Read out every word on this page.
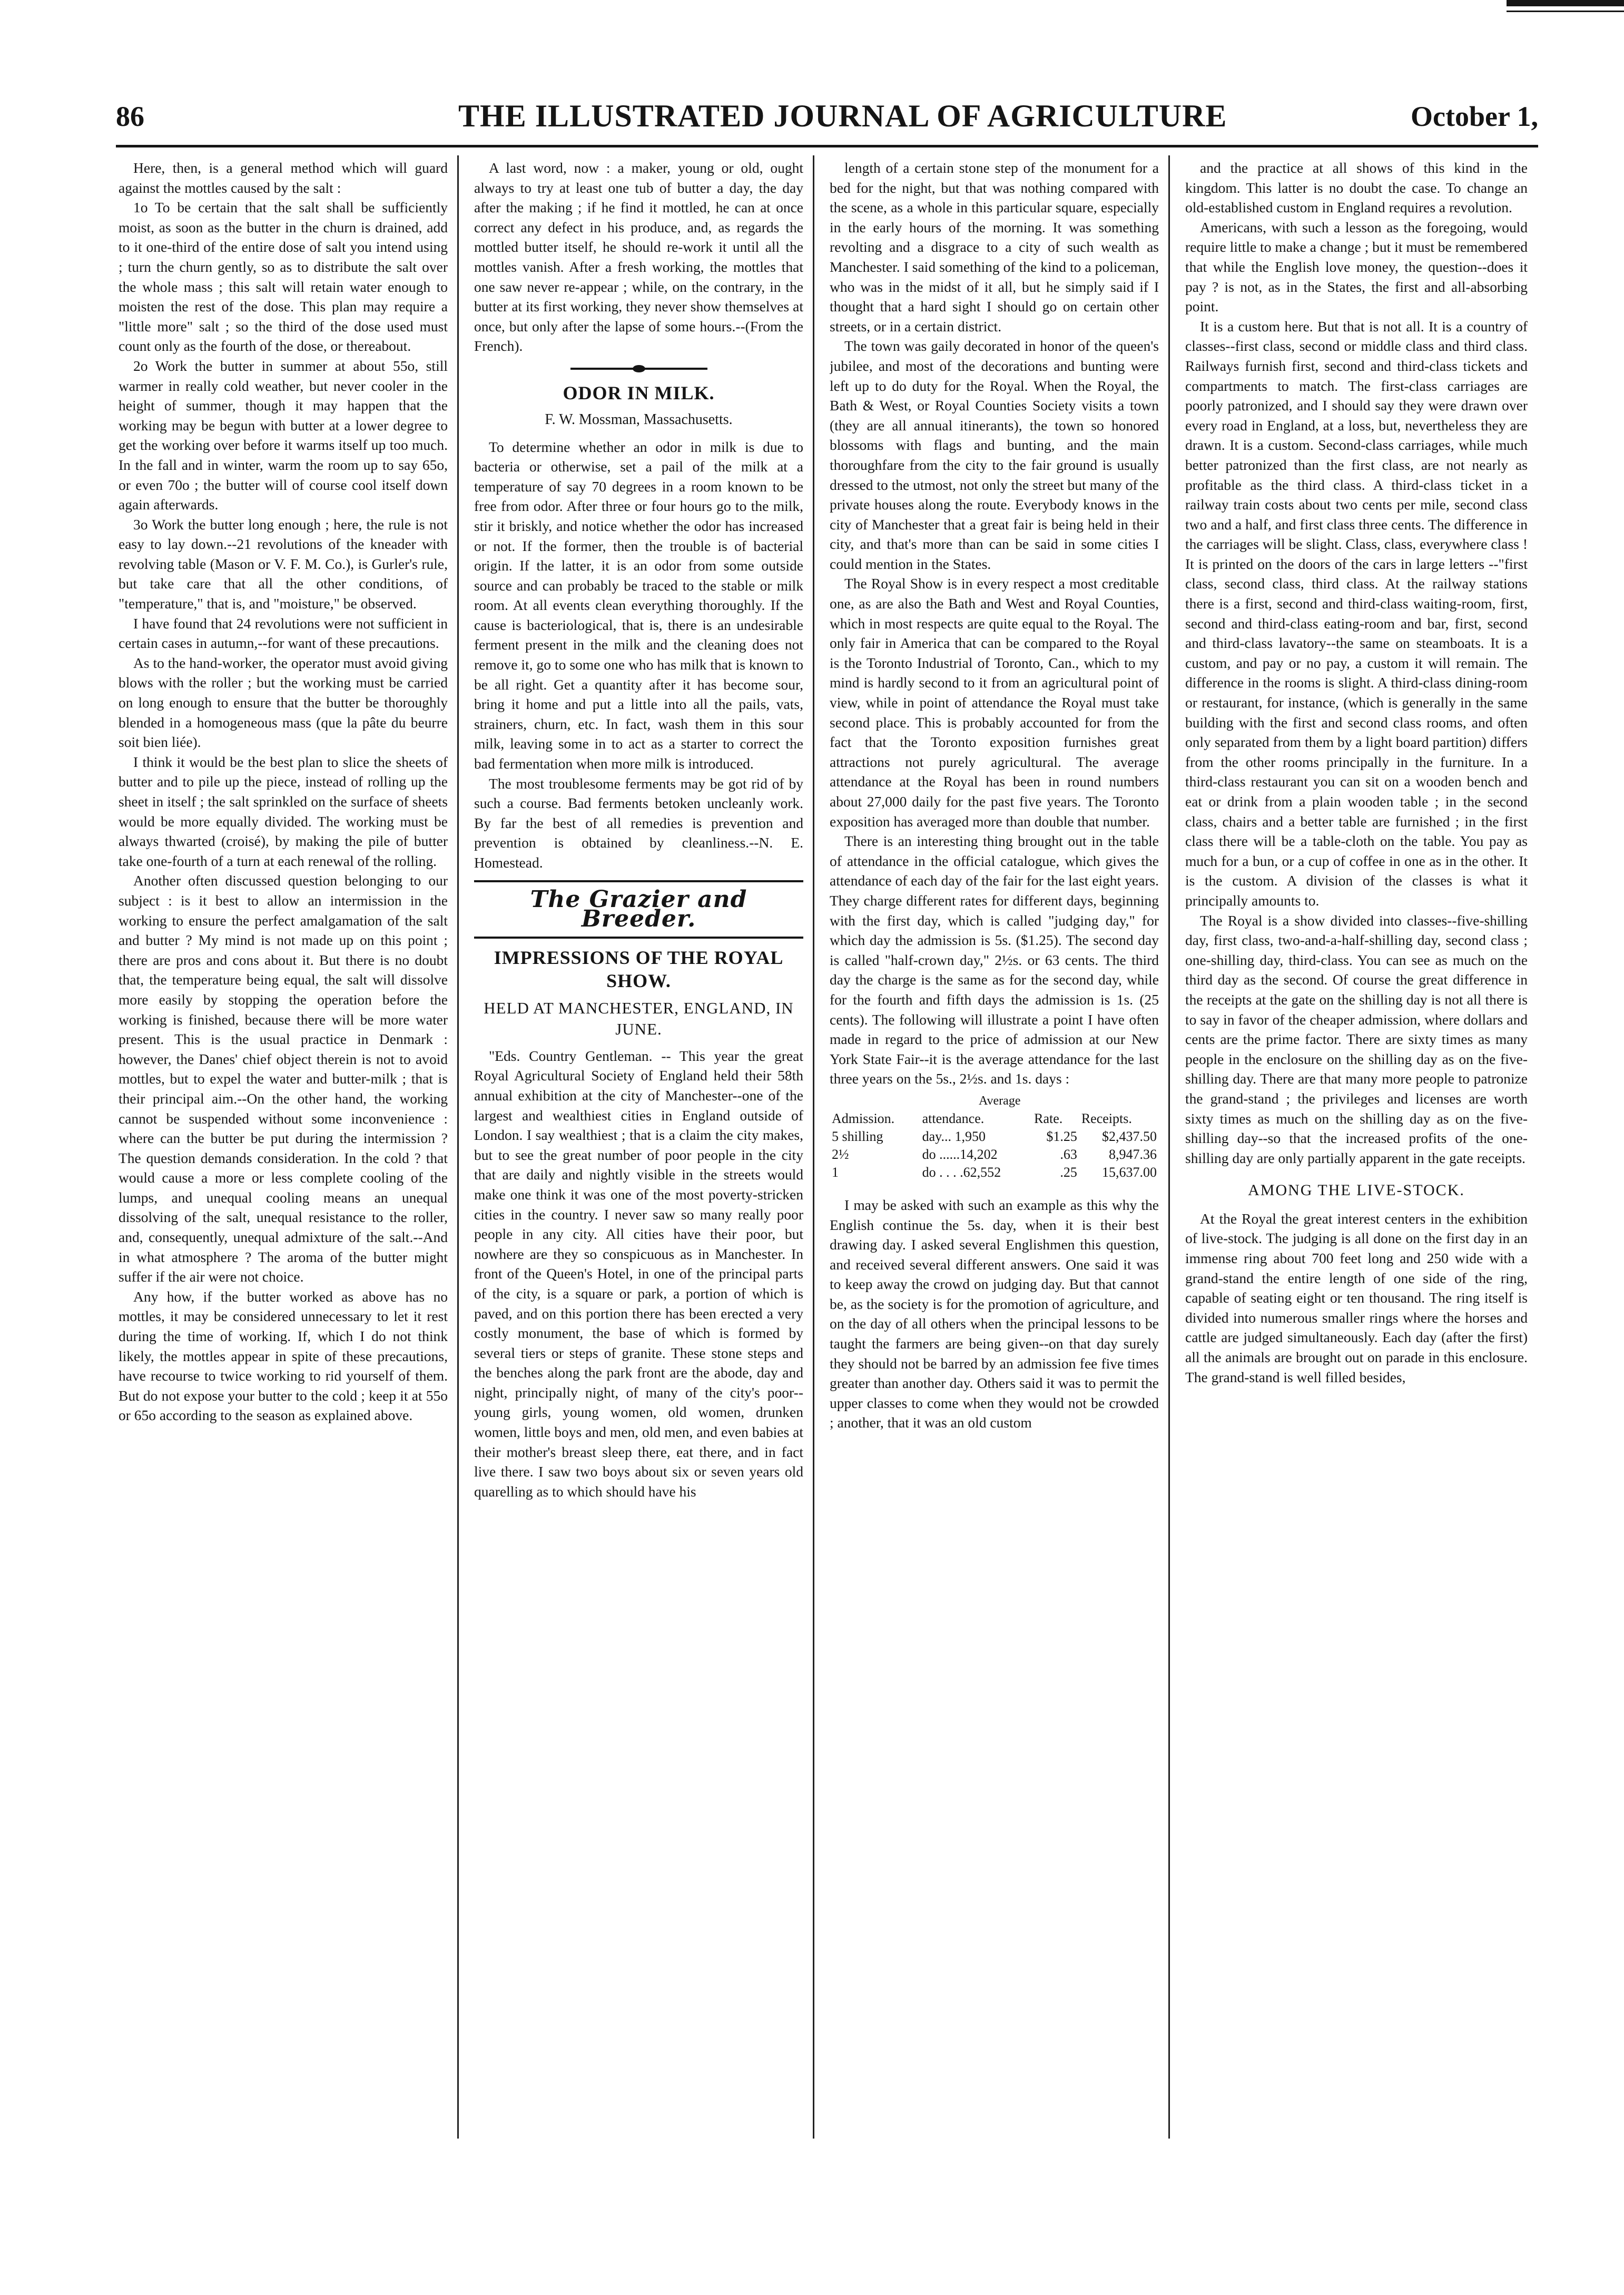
86	THE ILLUSTRATED JOURNAL OF AGRICULTURE	October 1,

Here, then, is a general method which will guard against the mottles caused by the salt :

1o To be certain that the salt shall be sufficiently moist, as soon as the butter in the churn is drained, add to it one-third of the entire dose of salt you intend using ; turn the churn gently, so as to distribute the salt over the whole mass ; this salt will retain water enough to moisten the rest of the dose. This plan may require a "little more" salt ; so the third of the dose used must count only as the fourth of the dose, or thereabout.

2o Work the butter in summer at about 55o, still warmer in really cold weather, but never cooler in the height of summer, though it may happen that the working may be begun with butter at a lower degree to get the working over before it warms itself up too much. In the fall and in winter, warm the room up to say 65o, or even 70o ; the butter will of course cool itself down again afterwards.

3o Work the butter long enough ; here, the rule is not easy to lay down.--21 revolutions of the kneader with revolving table (Mason or V. F. M. Co.), is Gurler's rule, but take care that all the other conditions, of "temperature," that is, and "moisture," be observed.

I have found that 24 revolutions were not sufficient in certain cases in autumn,--for want of these precautions.

As to the hand-worker, the operator must avoid giving blows with the roller ; but the working must be carried on long enough to ensure that the butter be thoroughly blended in a homogeneous mass (que la pâte du beurre soit bien liée).

I think it would be the best plan to slice the sheets of butter and to pile up the piece, instead of rolling up the sheet in itself ; the salt sprinkled on the surface of sheets would be more equally divided. The working must be always thwarted (croisé), by making the pile of butter take one-fourth of a turn at each renewal of the rolling.

Another often discussed question belonging to our subject : is it best to allow an intermission in the working to ensure the perfect amalgamation of the salt and butter ? My mind is not made up on this point ; there are pros and cons about it. But there is no doubt that, the temperature being equal, the salt will dissolve more easily by stopping the operation before the working is finished, because there will be more water present. This is the usual practice in Denmark : however, the Danes' chief object therein is not to avoid mottles, but to expel the water and butter-milk ; that is their principal aim.--On the other hand, the working cannot be suspended without some inconvenience : where can the butter be put during the intermission ? The question demands consideration. In the cold ? that would cause a more or less complete cooling of the lumps, and unequal cooling means an unequal dissolving of the salt, unequal resistance to the roller, and, consequently, unequal admixture of the salt.--And in what atmosphere ? The aroma of the butter might suffer if the air were not choice.

Any how, if the butter worked as above has no mottles, it may be considered unnecessary to let it rest during the time of working. If, which I do not think likely, the mottles appear in spite of these precautions, have recourse to twice working to rid yourself of them. But do not expose your butter to the cold ; keep it at 55o or 65o according to the season as explained above.

A last word, now : a maker, young or old, ought always to try at least one tub of butter a day, the day after the making ; if he find it mottled, he can at once correct any defect in his produce, and, as regards the mottled butter itself, he should re-work it until all the mottles vanish. After a fresh working, the mottles that one saw never re-appear ; while, on the contrary, in the butter at its first working, they never show themselves at once, but only after the lapse of some hours.--(From the French).

ODOR IN MILK.
F. W. Mossman, Massachusetts.

To determine whether an odor in milk is due to bacteria or otherwise, set a pail of the milk at a temperature of say 70 degrees in a room known to be free from odor. After three or four hours go to the milk, stir it briskly, and notice whether the odor has increased or not. If the former, then the trouble is of bacterial origin. If the latter, it is an odor from some outside source and can probably be traced to the stable or milk room. At all events clean everything thoroughly. If the cause is bacteriological, that is, there is an undesirable ferment present in the milk and the cleaning does not remove it, go to some one who has milk that is known to be all right. Get a quantity after it has become sour, bring it home and put a little into all the pails, vats, strainers, churn, etc. In fact, wash them in this sour milk, leaving some in to act as a starter to correct the bad fermentation when more milk is introduced.

The most troublesome ferments may be got rid of by such a course. Bad ferments betoken uncleanly work. By far the best of all remedies is prevention and prevention is obtained by cleanliness.--N. E. Homestead.

The Grazier and Breeder.
IMPRESSIONS OF THE ROYAL SHOW.
HELD AT MANCHESTER, ENGLAND, IN JUNE.

"Eds. Country Gentleman. -- This year the great Royal Agricultural Society of England held their 58th annual exhibition at the city of Manchester--one of the largest and wealthiest cities in England outside of London. I say wealthiest ; that is a claim the city makes, but to see the great number of poor people in the city that are daily and nightly visible in the streets would make one think it was one of the most poverty-stricken cities in the country. I never saw so many really poor people in any city. All cities have their poor, but nowhere are they so conspicuous as in Manchester. In front of the Queen's Hotel, in one of the principal parts of the city, is a square or park, a portion of which is paved, and on this portion there has been erected a very costly monument, the base of which is formed by several tiers or steps of granite. These stone steps and the benches along the park front are the abode, day and night, principally night, of many of the city's poor--young girls, young women, old women, drunken women, little boys and men, old men, and even babies at their mother's breast sleep there, eat there, and in fact live there. I saw two boys about six or seven years old quarelling as to which should have his

length of a certain stone step of the monument for a bed for the night, but that was nothing compared with the scene, as a whole in this particular square, especially in the early hours of the morning. It was something revolting and a disgrace to a city of such wealth as Manchester. I said something of the kind to a policeman, who was in the midst of it all, but he simply said if I thought that a hard sight I should go on certain other streets, or in a certain district.

The town was gaily decorated in honor of the queen's jubilee, and most of the decorations and bunting were left up to do duty for the Royal. When the Royal, the Bath & West, or Royal Counties Society visits a town (they are all annual itinerants), the town so honored blossoms with flags and bunting, and the main thoroughfare from the city to the fair ground is usually dressed to the utmost, not only the street but many of the private houses along the route. Everybody knows in the city of Manchester that a great fair is being held in their city, and that's more than can be said in some cities I could mention in the States.

The Royal Show is in every respect a most creditable one, as are also the Bath and West and Royal Counties, which in most respects are quite equal to the Royal. The only fair in America that can be compared to the Royal is the Toronto Industrial of Toronto, Can., which to my mind is hardly second to it from an agricultural point of view, while in point of attendance the Royal must take second place. This is probably accounted for from the fact that the Toronto exposition furnishes great attractions not purely agricultural. The average attendance at the Royal has been in round numbers about 27,000 daily for the past five years. The Toronto exposition has averaged more than double that number.

There is an interesting thing brought out in the table of attendance in the official catalogue, which gives the attendance of each day of the fair for the last eight years. They charge different rates for different days, beginning with the first day, which is called "judging day," for which day the admission is 5s. ($1.25). The second day is called "half-crown day," 2½s. or 63 cents. The third day the charge is the same as for the second day, while for the fourth and fifth days the admission is 1s. (25 cents). The following will illustrate a point I have often made in regard to the price of admission at our New York State Fair--it is the average attendance for the last three years on the 5s., 2½s. and 1s. days :

	Average		
Admission.	attendance.	Rate.	Receipts.
5 shilling	day... 1,950	$1.25	$2,437.50
2½	do ......14,202	.63	8,947.36
1	do . . . .62,552	.25	15,637.00

I may be asked with such an example as this why the English continue the 5s. day, when it is their best drawing day. I asked several Englishmen this question, and received several different answers. One said it was to keep away the crowd on judging day. But that cannot be, as the society is for the promotion of agriculture, and on the day of all others when the principal lessons to be taught the farmers are being given--on that day surely they should not be barred by an admission fee five times greater than another day. Others said it was to permit the upper classes to come when they would not be crowded ; another, that it was an old custom

and the practice at all shows of this kind in the kingdom. This latter is no doubt the case. To change an old-established custom in England requires a revolution.

Americans, with such a lesson as the foregoing, would require little to make a change ; but it must be remembered that while the English love money, the question--does it pay ? is not, as in the States, the first and all-absorbing point.

It is a custom here. But that is not all. It is a country of classes--first class, second or middle class and third class. Railways furnish first, second and third-class tickets and compartments to match. The first-class carriages are poorly patronized, and I should say they were drawn over every road in England, at a loss, but, nevertheless they are drawn. It is a custom. Second-class carriages, while much better patronized than the first class, are not nearly as profitable as the third class. A third-class ticket in a railway train costs about two cents per mile, second class two and a half, and first class three cents. The difference in the carriages will be slight. Class, class, everywhere class ! It is printed on the doors of the cars in large letters --"first class, second class, third class. At the railway stations there is a first, second and third-class waiting-room, first, second and third-class eating-room and bar, first, second and third-class lavatory--the same on steamboats. It is a custom, and pay or no pay, a custom it will remain. The difference in the rooms is slight. A third-class dining-room or restaurant, for instance, (which is generally in the same building with the first and second class rooms, and often only separated from them by a light board partition) differs from the other rooms principally in the furniture. In a third-class restaurant you can sit on a wooden bench and eat or drink from a plain wooden table ; in the second class, chairs and a better table are furnished ; in the first class there will be a table-cloth on the table. You pay as much for a bun, or a cup of coffee in one as in the other. It is the custom. A division of the classes is what it principally amounts to.

The Royal is a show divided into classes--five-shilling day, first class, two-and-a-half-shilling day, second class ; one-shilling day, third-class. You can see as much on the third day as the second. Of course the great difference in the receipts at the gate on the shilling day is not all there is to say in favor of the cheaper admission, where dollars and cents are the prime factor. There are sixty times as many people in the enclosure on the shilling day as on the five-shilling day. There are that many more people to patronize the grand-stand ; the privileges and licenses are worth sixty times as much on the shilling day as on the five-shilling day--so that the increased profits of the one-shilling day are only partially apparent in the gate receipts.

AMONG THE LIVE-STOCK.

At the Royal the great interest centers in the exhibition of live-stock. The judging is all done on the first day in an immense ring about 700 feet long and 250 wide with a grand-stand the entire length of one side of the ring, capable of seating eight or ten thousand. The ring itself is divided into numerous smaller rings where the horses and cattle are judged simultaneously. Each day (after the first) all the animals are brought out on parade in this enclosure. The grand-stand is well filled besides,
